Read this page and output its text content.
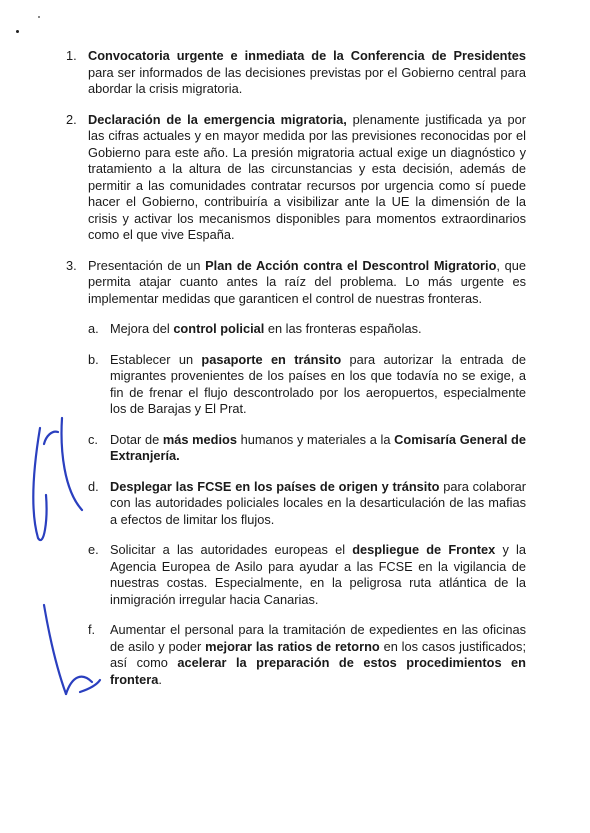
1. Convocatoria urgente e inmediata de la Conferencia de Presidentes para ser informados de las decisiones previstas por el Gobierno central para abordar la crisis migratoria.

2. Declaración de la emergencia migratoria, plenamente justificada ya por las cifras actuales y en mayor medida por las previsiones reconocidas por el Gobierno para este año. La presión migratoria actual exige un diagnóstico y tratamiento a la altura de las circunstancias y esta decisión, además de permitir a las comunidades contratar recursos por urgencia como sí puede hacer el Gobierno, contribuiría a visibilizar ante la UE la dimensión de la crisis y activar los mecanismos disponibles para momentos extraordinarios como el que vive España.

3. Presentación de un Plan de Acción contra el Descontrol Migratorio, que permita atajar cuanto antes la raíz del problema. Lo más urgente es implementar medidas que garanticen el control de nuestras fronteras.

a. Mejora del control policial en las fronteras españolas.

b. Establecer un pasaporte en tránsito para autorizar la entrada de migrantes provenientes de los países en los que todavía no se exige, a fin de frenar el flujo descontrolado por los aeropuertos, especialmente los de Barajas y El Prat.

c. Dotar de más medios humanos y materiales a la Comisaría General de Extranjería.

d. Desplegar las FCSE en los países de origen y tránsito para colaborar con las autoridades policiales locales en la desarticulación de las mafias a efectos de limitar los flujos.

e. Solicitar a las autoridades europeas el despliegue de Frontex y la Agencia Europea de Asilo para ayudar a las FCSE en la vigilancia de nuestras costas. Especialmente, en la peligrosa ruta atlántica de la inmigración irregular hacia Canarias.

f. Aumentar el personal para la tramitación de expedientes en las oficinas de asilo y poder mejorar las ratios de retorno en los casos justificados; así como acelerar la preparación de estos procedimientos en frontera.
